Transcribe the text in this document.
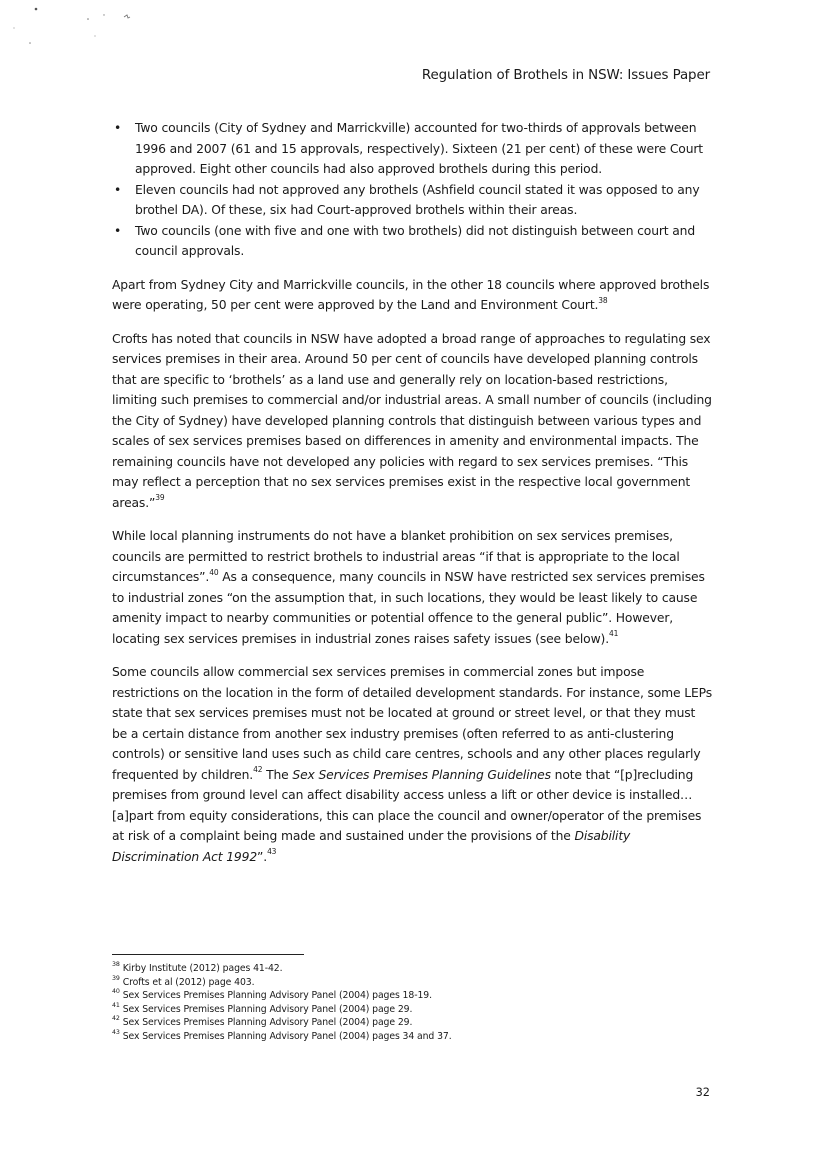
Regulation of Brothels in NSW: Issues Paper
• Two councils (City of Sydney and Marrickville) accounted for two-thirds of approvals between 1996 and 2007 (61 and 15 approvals, respectively). Sixteen (21 per cent) of these were Court approved. Eight other councils had also approved brothels during this period.
• Eleven councils had not approved any brothels (Ashfield council stated it was opposed to any brothel DA). Of these, six had Court-approved brothels within their areas.
• Two councils (one with five and one with two brothels) did not distinguish between court and council approvals.

Apart from Sydney City and Marrickville councils, in the other 18 councils where approved brothels were operating, 50 per cent were approved by the Land and Environment Court.$^{38}$

Crofts has noted that councils in NSW have adopted a broad range of approaches to regulating sex services premises in their area. Around 50 per cent of councils have developed planning controls that are specific to ‘brothels’ as a land use and generally rely on location-based restrictions, limiting such premises to commercial and/or industrial areas. A small number of councils (including the City of Sydney) have developed planning controls that distinguish between various types and scales of sex services premises based on differences in amenity and environmental impacts. The remaining councils have not developed any policies with regard to sex services premises. “This may reflect a perception that no sex services premises exist in the respective local government areas.”$^{39}$

While local planning instruments do not have a blanket prohibition on sex services premises, councils are permitted to restrict brothels to industrial areas “if that is appropriate to the local circumstances”.$^{40}$ As a consequence, many councils in NSW have restricted sex services premises to industrial zones “on the assumption that, in such locations, they would be least likely to cause amenity impact to nearby communities or potential offence to the general public”. However, locating sex services premises in industrial zones raises safety issues (see below).$^{41}$

Some councils allow commercial sex services premises in commercial zones but impose restrictions on the location in the form of detailed development standards. For instance, some LEPs state that sex services premises must not be located at ground or street level, or that they must be a certain distance from another sex industry premises (often referred to as anti-clustering controls) or sensitive land uses such as child care centres, schools and any other places regularly frequented by children.$^{42}$ The Sex Services Premises Planning Guidelines note that “[p]recluding premises from ground level can affect disability access unless a lift or other device is installed…[a]part from equity considerations, this can place the council and owner/operator of the premises at risk of a complaint being made and sustained under the provisions of the Disability Discrimination Act 1992”.$^{43}$

$^{38}$ Kirby Institute (2012) pages 41-42.
$^{39}$ Crofts et al (2012) page 403.
$^{40}$ Sex Services Premises Planning Advisory Panel (2004) pages 18-19.
$^{41}$ Sex Services Premises Planning Advisory Panel (2004) page 29.
$^{42}$ Sex Services Premises Planning Advisory Panel (2004) page 29.
$^{43}$ Sex Services Premises Planning Advisory Panel (2004) pages 34 and 37.
32
